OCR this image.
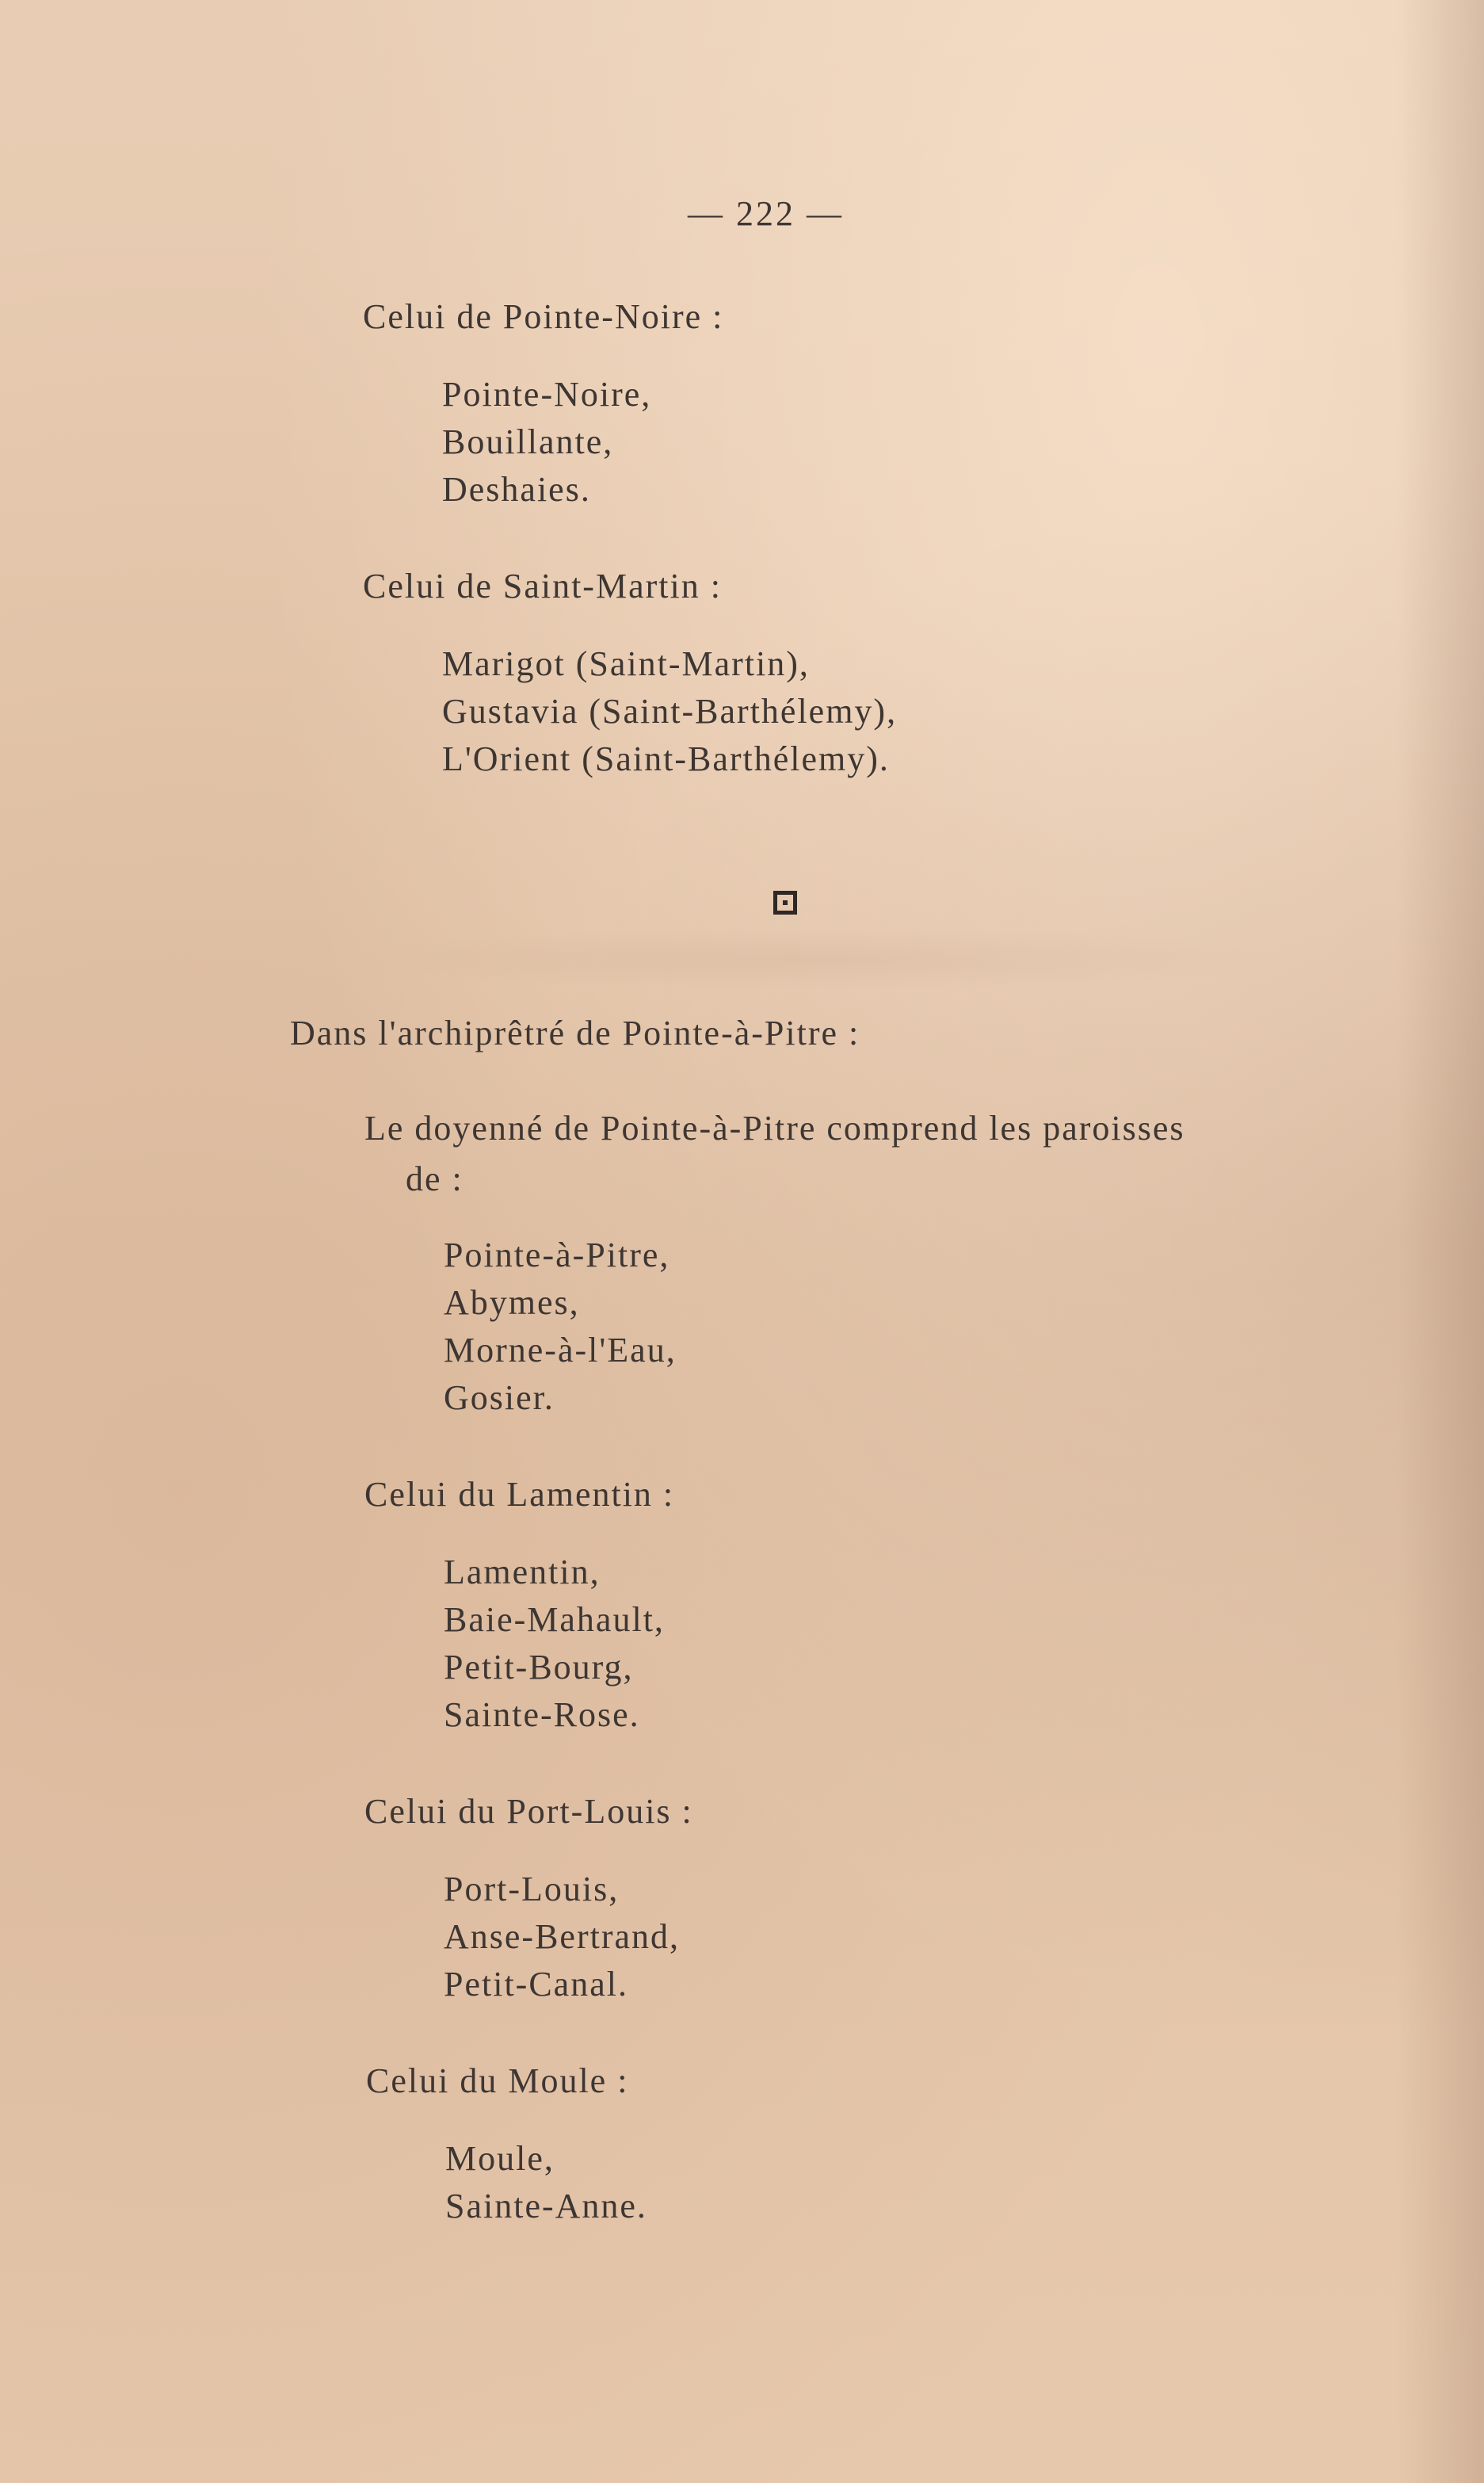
— 222 —
Celui de Pointe-Noire :
Pointe-Noire,
Bouillante,
Deshaies.
Celui de Saint-Martin :
Marigot (Saint-Martin),
Gustavia (Saint-Barthélemy),
L'Orient (Saint-Barthélemy).
Dans l'archiprêtré de Pointe-à-Pitre :
Le doyenné de Pointe-à-Pitre comprend les paroisses
de :
Pointe-à-Pitre,
Abymes,
Morne-à-l'Eau,
Gosier.
Celui du Lamentin :
Lamentin,
Baie-Mahault,
Petit-Bourg,
Sainte-Rose.
Celui du Port-Louis :
Port-Louis,
Anse-Bertrand,
Petit-Canal.
Celui du Moule :
Moule,
Sainte-Anne.
